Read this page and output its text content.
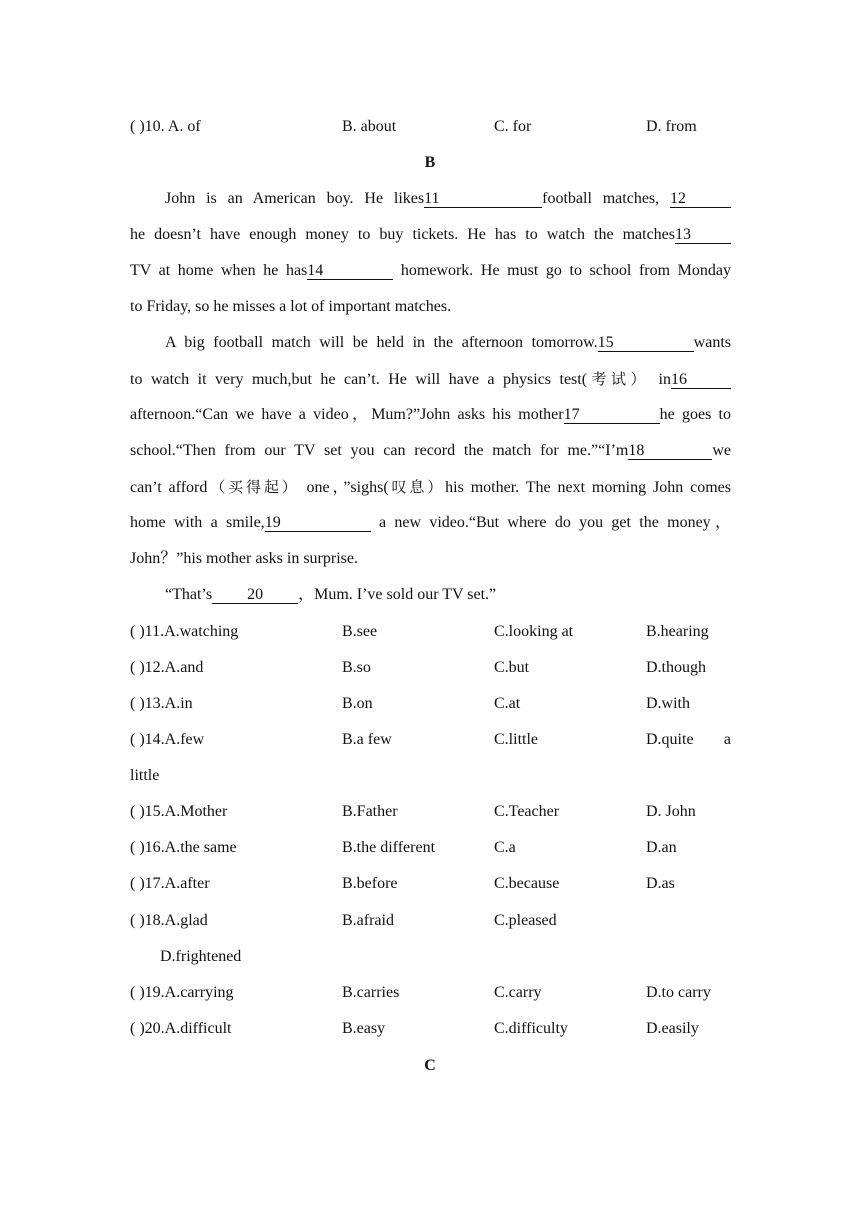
( )10. A. of	B. about	C. for	D. from
B
John is an American boy. He likes11	football matches, 12
he doesn’t have enough money to buy tickets. He has to watch the matches13
TV at home when he has14	homework. He must go to school from Monday
to Friday, so he misses a lot of important matches.
A big football match will be held in the afternoon tomorrow.15	wants
to watch it very much,but he can’t. He will have a physics test(考试） in16
afternoon.“Can we have a video，Mum?”John asks his mother17	he goes to
school.“Then from our TV set you can record the match for me.”“I’m18	we
can’t afford（买得起） one，”sighs(叹息）his mother. The next morning John comes
home with a smile,19	a new video.“But where do you get the money，
John？”his mother asks in surprise.
“That’s 20 ，Mum. I’ve sold our TV set.”
( )11.A.watching	B.see	C.looking at	B.hearing
( )12.A.and	B.so	C.but	D.though
( )13.A.in	B.on	C.at	D.with
( )14.A.few	B.a few	C.little	D.quite a
little
( )15.A.Mother	B.Father	C.Teacher	D. John
( )16.A.the same	B.the different	C.a	D.an
( )17.A.after	B.before	C.because	D.as
( )18.A.glad	B.afraid	C.pleased
D.frightened
( )19.A.carrying	B.carries	C.carry	D.to carry
( )20.A.difficult	B.easy	C.difficulty	D.easily
C
